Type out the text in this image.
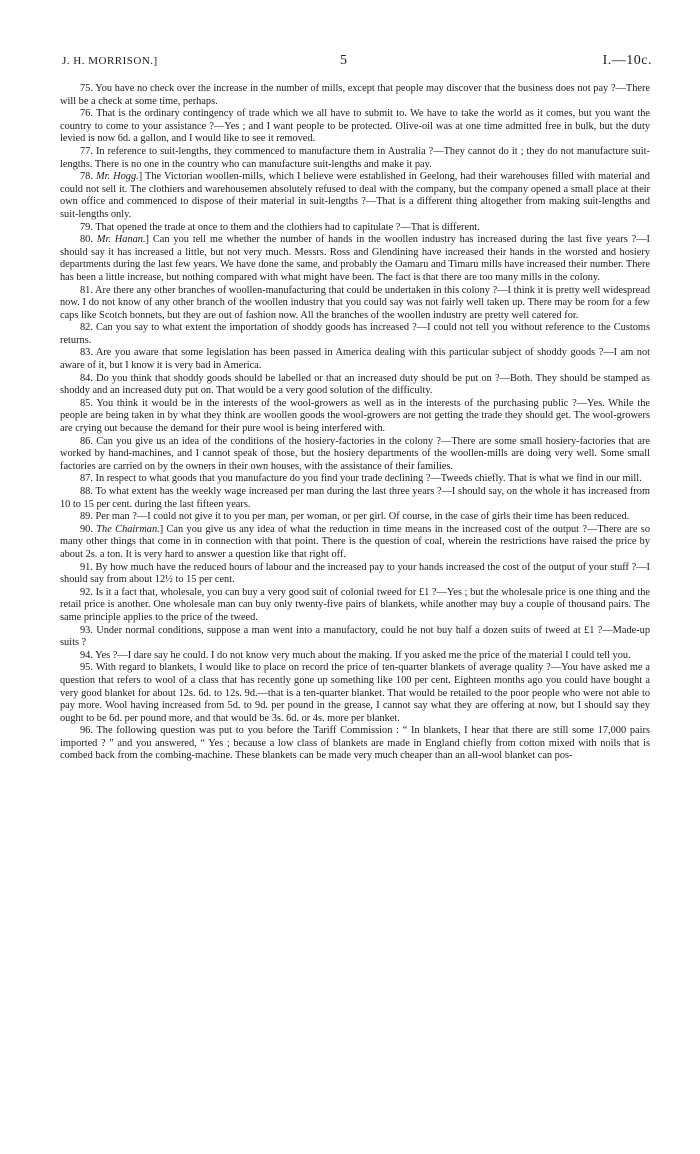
J. H. MORRISON.]	5	I.—10c.

75. You have no check over the increase in the number of mills, except that people may discover that the business does not pay ?—There will be a check at some time, perhaps.

76. That is the ordinary contingency of trade which we all have to submit to. We have to take the world as it comes, but you want the country to come to your assistance ?—Yes ; and I want people to be protected. Olive-oil was at one time admitted free in bulk, but the duty levied is now 6d. a gallon, and I would like to see it removed.

77. In reference to suit-lengths, they commenced to manufacture them in Australia ?—They cannot do it ; they do not manufacture suit-lengths. There is no one in the country who can manufacture suit-lengths and make it pay.

78. Mr. Hogg.] The Victorian woollen-mills, which I believe were established in Geelong, had their warehouses filled with material and could not sell it. The clothiers and warehousemen absolutely refused to deal with the company, but the company opened a small place at their own office and commenced to dispose of their material in suit-lengths ?—That is a different thing altogether from making suit-lengths and suit-lengths only.

79. That opened the trade at once to them and the clothiers had to capitulate ?—That is different.

80. Mr. Hanan.] Can you tell me whether the number of hands in the woollen industry has increased during the last five years ?—I should say it has increased a little, but not very much. Messrs. Ross and Glendining have increased their hands in the worsted and hosiery departments during the last few years. We have done the same, and probably the Oamaru and Timaru mills have increased their number. There has been a little increase, but nothing compared with what might have been. The fact is that there are too many mills in the colony.

81. Are there any other branches of woollen-manufacturing that could be undertaken in this colony ?—I think it is pretty well widespread now. I do not know of any other branch of the woollen industry that you could say was not fairly well taken up. There may be room for a few caps like Scotch bonnets, but they are out of fashion now. All the branches of the woollen industry are pretty well catered for.

82. Can you say to what extent the importation of shoddy goods has increased ?—I could not tell you without reference to the Customs returns.

83. Are you aware that some legislation has been passed in America dealing with this particular subject of shoddy goods ?—I am not aware of it, but I know it is very bad in America.

84. Do you think that shoddy goods should be labelled or that an increased duty should be put on ?—Both. They should be stamped as shoddy and an increased duty put on. That would be a very good solution of the difficulty.

85. You think it would be in the interests of the wool-growers as well as in the interests of the purchasing public ?—Yes. While the people are being taken in by what they think are woollen goods the wool-growers are not getting the trade they should get. The wool-growers are crying out because the demand for their pure wool is being interfered with.

86. Can you give us an idea of the conditions of the hosiery-factories in the colony ?—There are some small hosiery-factories that are worked by hand-machines, and I cannot speak of those, but the hosiery departments of the woollen-mills are doing very well. Some small factories are carried on by the owners in their own houses, with the assistance of their families.

87. In respect to what goods that you manufacture do you find your trade declining ?—Tweeds chiefly. That is what we find in our mill.

88. To what extent has the weekly wage increased per man during the last three years ?—I should say, on the whole it has increased from 10 to 15 per cent. during the last fifteen years.

89. Per man ?—I could not give it to you per man, per woman, or per girl. Of course, in the case of girls their time has been reduced.

90. The Chairman.] Can you give us any idea of what the reduction in time means in the increased cost of the output ?—There are so many other things that come in in connection with that point. There is the question of coal, wherein the restrictions have raised the price by about 2s. a ton. It is very hard to answer a question like that right off.

91. By how much have the reduced hours of labour and the increased pay to your hands increased the cost of the output of your stuff ?—I should say from about 12½ to 15 per cent.

92. Is it a fact that, wholesale, you can buy a very good suit of colonial tweed for £1 ?—Yes ; but the wholesale price is one thing and the retail price is another. One wholesale man can buy only twenty-five pairs of blankets, while another may buy a couple of thousand pairs. The same principle applies to the price of the tweed.

93. Under normal conditions, suppose a man went into a manufactory, could he not buy half a dozen suits of tweed at £1 ?—Made-up suits ?

94. Yes ?—I dare say he could. I do not know very much about the making. If you asked me the price of the material I could tell you.

95. With regard to blankets, I would like to place on record the price of ten-quarter blankets of average quality ?—You have asked me a question that refers to wool of a class that has recently gone up something like 100 per cent. Eighteen months ago you could have bought a very good blanket for about 12s. 6d. to 12s. 9d.—that is a ten-quarter blanket. That would be retailed to the poor people who were not able to pay more. Wool having increased from 5d. to 9d. per pound in the grease, I cannot say what they are offering at now, but I should say they ought to be 6d. per pound more, and that would be 3s. 6d. or 4s. more per blanket.

96. The following question was put to you before the Tariff Commission : “ In blankets, I hear that there are still some 17,000 pairs imported ? ” and you answered, “ Yes ; because a low class of blankets are made in England chiefly from cotton mixed with noils that is combed back from the combing-machine. These blankets can be made very much cheaper than an all-wool blanket can pos-
